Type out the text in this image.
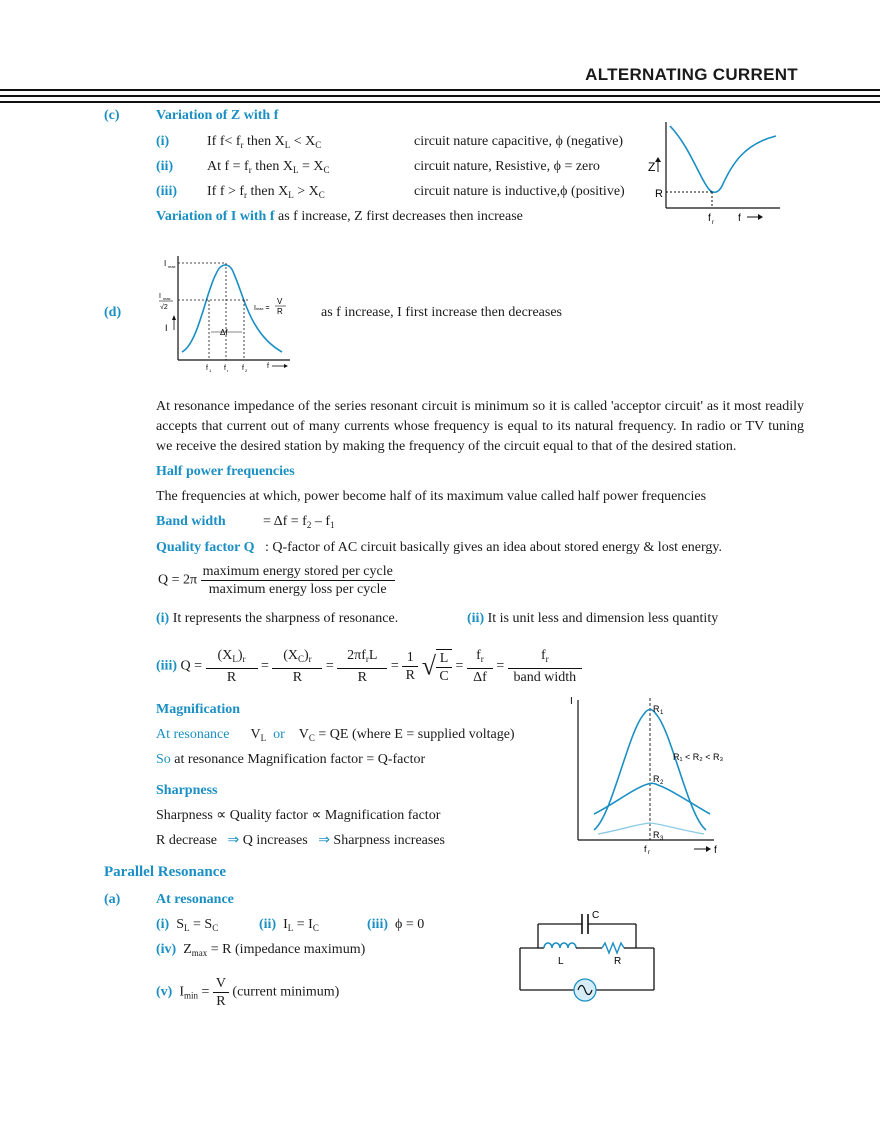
ALTERNATING CURRENT
(c)	Variation of Z with f
(i)	If $f< f_r$ then $X_L < X_C$	circuit nature capacitive, ϕ (negative)
(ii) At $f = f_r$ then $X_L = X_C$	circuit nature, Resistive, ϕ = zero
(iii) If $f > f_r$ then $X_L > X_C$	circuit nature is inductive,ϕ (positive)
Variation of I with f as f increase, Z first decreases then increase
Z
R
f r f
(d)
Δf
I max
I max
√2
I
Imax =
V
R
f 1 f r f 2
f
as f increase, I first increase then decreases
At resonance impedance of the series resonant circuit is minimum so it is called 'acceptor circuit' as it most readily accepts that current out of many currents whose frequency is equal to its natural frequency. In radio or TV tuning we receive the desired station by making the frequency of the circuit equal to that of the desired station.
Half power frequencies
The frequencies at which, power become half of its maximum value called half power frequencies
Band width	= $\Delta f = f_2 - f_1$
Quality factor Q : Q-factor of AC circuit basically gives an idea about stored energy & lost energy.
$Q = 2\pi \frac{\text{maximum energy stored per cycle}}{\text{maximum energy loss per cycle}}$
(i) It represents the sharpness of resonance.	(ii) It is unit less and dimension less quantity
(iii) $Q = \frac{(X_L)_r}{R} = \frac{(X_C)_r}{R} = \frac{2\pi f_rL}{R} = \frac{1}{R}$ √ $\frac{L}{C} = \frac{f_r}{\Delta f} = \frac{f_r}{\text{band width}}$
Magnification
At resonance $V_L$ or $V_C$ = QE (where E = supplied voltage)
So at resonance Magnification factor = Q-factor
Sharpness
Sharpness ∝ Quality factor ∝ Magnification factor
R decrease ⇒ Q increases ⇒ Sharpness increases
I
R 1
R₁ < R₂ < R₃
R 2
R 3
f r	f
Parallel Resonance
(a)	At resonance
(i) $S_L = S_C$	(ii) $I_L = I_C$	(iii) ϕ = 0
(iv) $Z_{max} = R$ (impedance maximum)
(v) $I_{min} = \frac{V}{R}$ (current minimum)
C
L	R
